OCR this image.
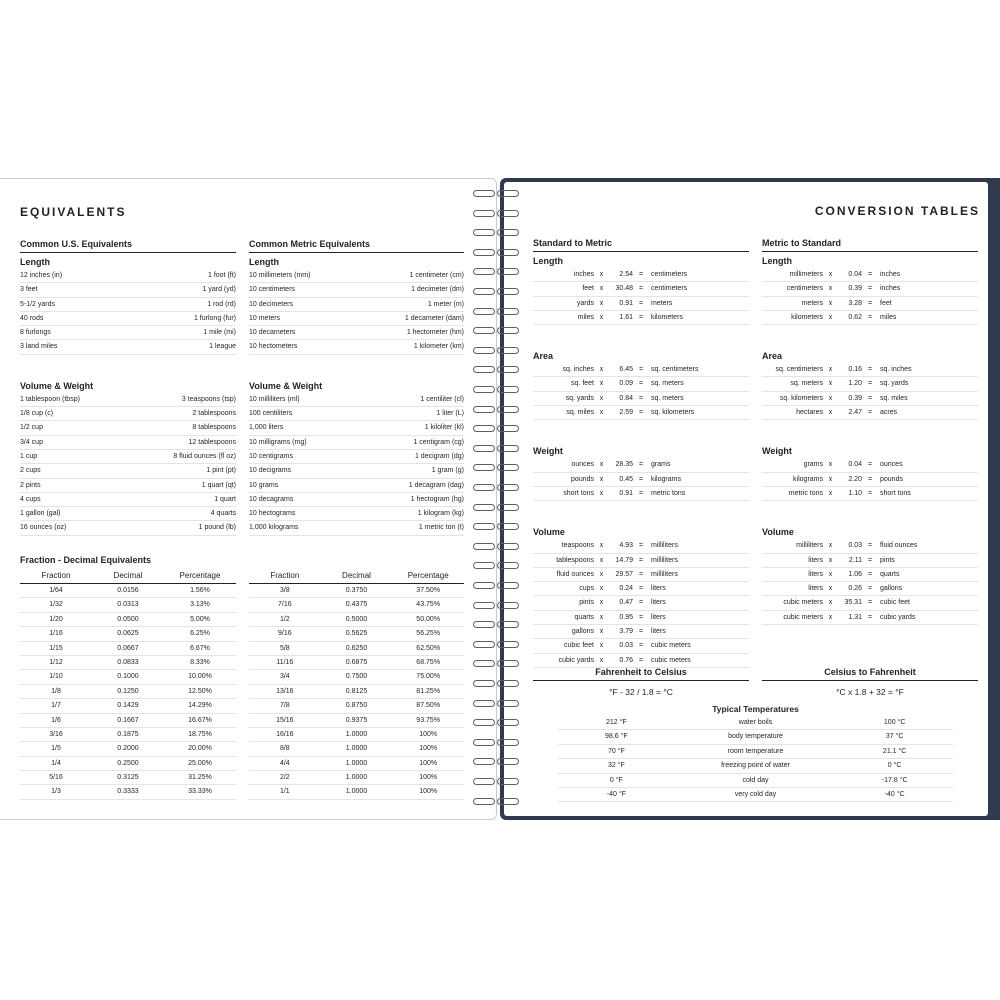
EQUIVALENTS
Common U.S. Equivalents
Length
12 inches (in)	1 foot (ft)
3 feet	1 yard (yd)
5-1/2 yards	1 rod (rd)
40 rods	1 furlong (fur)
8 furlongs	1 mile (mi)
3 land miles	1 league
Volume & Weight
1 tablespoon (tbsp)	3 teaspoons (tsp)
1/8 cup (c)	2 tablespoons
1/2 cup	8 tablespoons
3/4 cup	12 tablespoons
1 cup	8 fluid ounces (fl oz)
2 cups	1 pint (pt)
2 pints	1 quart (qt)
4 cups	1 quart
1 gallon (gal)	4 quarts
16 ounces (oz)	1 pound (lb)
Common Metric Equivalents
Length
10 millimeters (mm)	1 centimeter (cm)
10 centimeters	1 decimeter (dm)
10 decimeters	1 meter (m)
10 meters	1 decameter (dam)
10 decameters	1 hectometer (hm)
10 hectometers	1 kilometer (km)
Volume & Weight
10 milliliters (ml)	1 centiliter (cl)
100 centiliters	1 liter (L)
1,000 liters	1 kiloliter (kl)
10 milligrams (mg)	1 centigram (cg)
10 centigrams	1 decigram (dg)
10 decigrams	1 gram (g)
10 grams	1 decagram (dag)
10 decagrams	1 hectogram (hg)
10 hectograms	1 kilogram (kg)
1,000 kilograms	1 metric ton (t)
Fraction - Decimal Equivalents
Fraction	Decimal	Percentage
1/64	0.0156	1.56%
1/32	0.0313	3.13%
1/20	0.0500	5.00%
1/16	0.0625	6.25%
1/15	0.0667	6.67%
1/12	0.0833	8.33%
1/10	0.1000	10.00%
1/8	0.1250	12.50%
1/7	0.1429	14.29%
1/6	0.1667	16.67%
3/16	0.1875	18.75%
1/5	0.2000	20.00%
1/4	0.2500	25.00%
5/16	0.3125	31.25%
1/3	0.3333	33.33%
Fraction	Decimal	Percentage
3/8	0.3750	37.50%
7/16	0.4375	43.75%
1/2	0.5000	50.00%
9/16	0.5625	56.25%
5/8	0.6250	62.50%
11/16	0.6875	68.75%
3/4	0.7500	75.00%
13/16	0.8125	81.25%
7/8	0.8750	87.50%
15/16	0.9375	93.75%
16/16	1.0000	100%
8/8	1.0000	100%
4/4	1.0000	100%
2/2	1.0000	100%
1/1	1.0000	100%
CONVERSION TABLES
Standard to Metric
Length
inches x	2.54 =	centimeters
feet x	30.48 =	centimeters
yards x	0.91 =	meters
miles x	1.61 =	kilometers
Area
sq. inches x	6.45 =	sq. centimeters
sq. feet x	0.09 =	sq. meters
sq. yards x	0.84 =	sq. meters
sq. miles x	2.59 =	sq. kilometers
Weight
ounces x	28.35 =	grams
pounds x	0.45 =	kilograms
short tons x	0.91 =	metric tons
Volume
teaspoons x	4.93 =	milliliters
tablespoons x	14.79 =	milliliters
fluid ounces x	29.57 =	milliliters
cups x	0.24 =	liters
pints x	0.47 =	liters
quarts x	0.95 =	liters
gallons x	3.79 =	liters
cubic feet x	0.03 =	cubic meters
cubic yards x	0.76 =	cubic meters
Metric to Standard
Length
millimeters x	0.04 =	inches
centimeters x	0.39 =	inches
meters x	3.28 =	feet
kilometers x	0.62 =	miles
Area
sq. centimeters x	0.16 =	sq. inches
sq. meters x	1.20 =	sq. yards
sq. kilometers x	0.39 =	sq. miles
hectares x	2.47 =	acres
Weight
grams x	0.04 =	ounces
kilograms x	2.20 =	pounds
metric tons x	1.10 =	short tons
Volume
milliliters x	0.03 =	fluid ounces
liters x	2.11 =	pints
liters x	1.06 =	quarts
liters x	0.26 =	gallons
cubic meters x	35.31 =	cubic feet
cubic meters x	1.31 =	cubic yards
Fahrenheit to Celsius
°F - 32 / 1.8 = °C
Celsius to Fahrenheit
°C x 1.8 + 32 = °F
Typical Temperatures
212 °F	water boils	100 °C
98.6 °F	body temperature	37 °C
70 °F	room temperature	21.1 °C
32 °F	freezing point of water	0 °C
0 °F	cold day	-17.8 °C
-40 °F	very cold day	-40 °C
